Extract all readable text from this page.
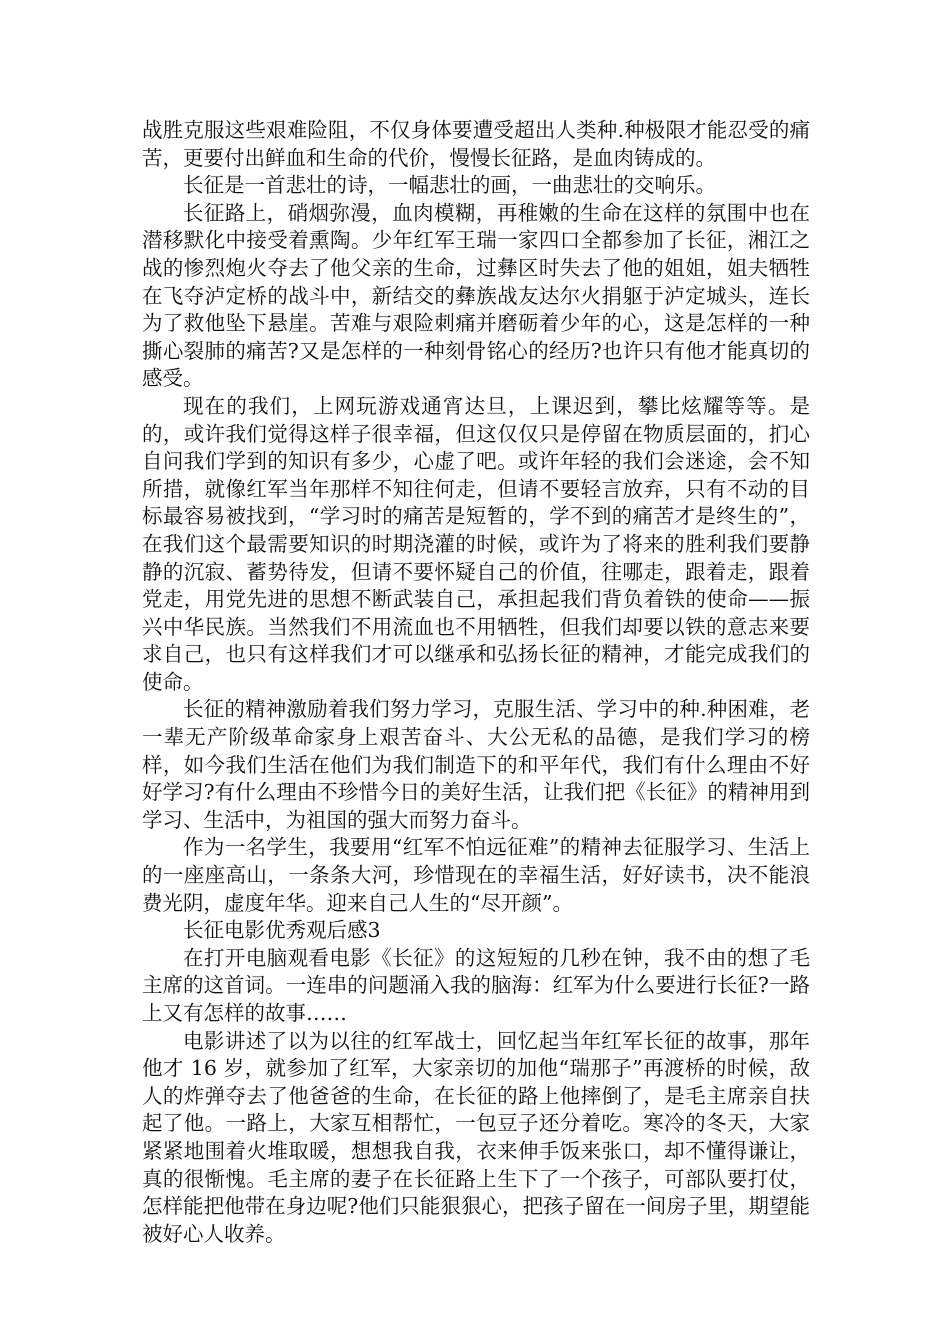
战胜克服这些艰难险阻，不仅身体要遭受超出人类种.种极限才能忍受的痛苦，更要付出鲜血和生命的代价，慢慢长征路，是血肉铸成的。

长征是一首悲壮的诗，一幅悲壮的画，一曲悲壮的交响乐。

长征路上，硝烟弥漫，血肉模糊，再稚嫩的生命在这样的氛围中也在潜移默化中接受着熏陶。少年红军王瑞一家四口全都参加了长征，湘江之战的惨烈炮火夺去了他父亲的生命，过彝区时失去了他的姐姐，姐夫牺牲在飞夺泸定桥的战斗中，新结交的彝族战友达尔火捐躯于泸定城头，连长为了救他坠下悬崖。苦难与艰险刺痛并磨砺着少年的心，这是怎样的一种撕心裂肺的痛苦?又是怎样的一种刻骨铭心的经历?也许只有他才能真切的感受。

现在的我们，上网玩游戏通宵达旦，上课迟到，攀比炫耀等等。是的，或许我们觉得这样子很幸福，但这仅仅只是停留在物质层面的，扪心自问我们学到的知识有多少，心虚了吧。或许年轻的我们会迷途，会不知所措，就像红军当年那样不知往何走，但请不要轻言放弃，只有不动的目标最容易被找到，“学习时的痛苦是短暂的，学不到的痛苦才是终生的”，在我们这个最需要知识的时期浇灌的时候，或许为了将来的胜利我们要静静的沉寂、蓄势待发，但请不要怀疑自己的价值，往哪走，跟着走，跟着党走，用党先进的思想不断武装自己，承担起我们背负着铁的使命——振兴中华民族。当然我们不用流血也不用牺牲，但我们却要以铁的意志来要求自己，也只有这样我们才可以继承和弘扬长征的精神，才能完成我们的使命。

长征的精神激励着我们努力学习，克服生活、学习中的种.种困难，老一辈无产阶级革命家身上艰苦奋斗、大公无私的品德，是我们学习的榜样，如今我们生活在他们为我们制造下的和平年代，我们有什么理由不好好学习?有什么理由不珍惜今日的美好生活，让我们把《长征》的精神用到学习、生活中，为祖国的强大而努力奋斗。

作为一名学生，我要用“红军不怕远征难”的精神去征服学习、生活上的一座座高山，一条条大河，珍惜现在的幸福生活，好好读书，决不能浪费光阴，虚度年华。迎来自己人生的“尽开颜”。

长征电影优秀观后感3

在打开电脑观看电影《长征》的这短短的几秒在钟，我不由的想了毛主席的这首词。一连串的问题涌入我的脑海：红军为什么要进行长征?一路上又有怎样的故事……

电影讲述了以为以往的红军战士，回忆起当年红军长征的故事，那年他才 16 岁，就参加了红军，大家亲切的加他“瑞那子”再渡桥的时候，敌人的炸弹夺去了他爸爸的生命，在长征的路上他摔倒了，是毛主席亲自扶起了他。一路上，大家互相帮忙，一包豆子还分着吃。寒冷的冬天，大家紧紧地围着火堆取暖，想想我自我，衣来伸手饭来张口，却不懂得谦让，真的很惭愧。毛主席的妻子在长征路上生下了一个孩子，可部队要打仗，怎样能把他带在身边呢?他们只能狠狠心，把孩子留在一间房子里，期望能被好心人收养。
